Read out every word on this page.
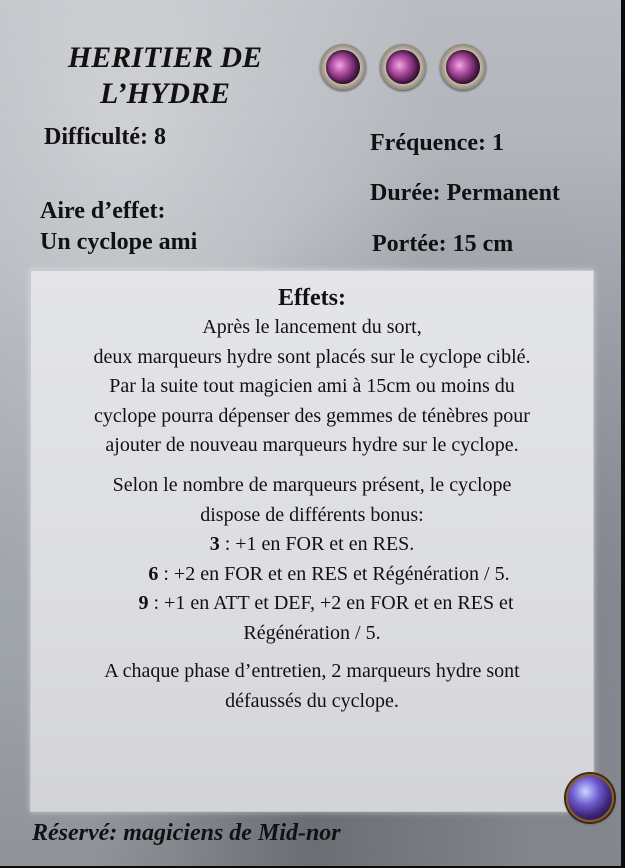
HERITIER DE
L’HYDRE
Difficulté: 8	Fréquence: 1
Durée: Permanent
Aire d’effet:
Un cyclope ami	Portée: 15 cm
Effets:
Après le lancement du sort,
deux marqueurs hydre sont placés sur le cyclope ciblé.
Par la suite tout magicien ami à 15cm ou moins du
cyclope pourra dépenser des gemmes de ténèbres pour
ajouter de nouveau marqueurs hydre sur le cyclope.
Selon le nombre de marqueurs présent, le cyclope
dispose de différents bonus:
3 : +1 en FOR et en RES.
6 : +2 en FOR et en RES et Régénération / 5.
9 : +1 en ATT et DEF, +2 en FOR et en RES et
Régénération / 5.
A chaque phase d’entretien, 2 marqueurs hydre sont
défaussés du cyclope.
Réservé: magiciens de Mid-nor
